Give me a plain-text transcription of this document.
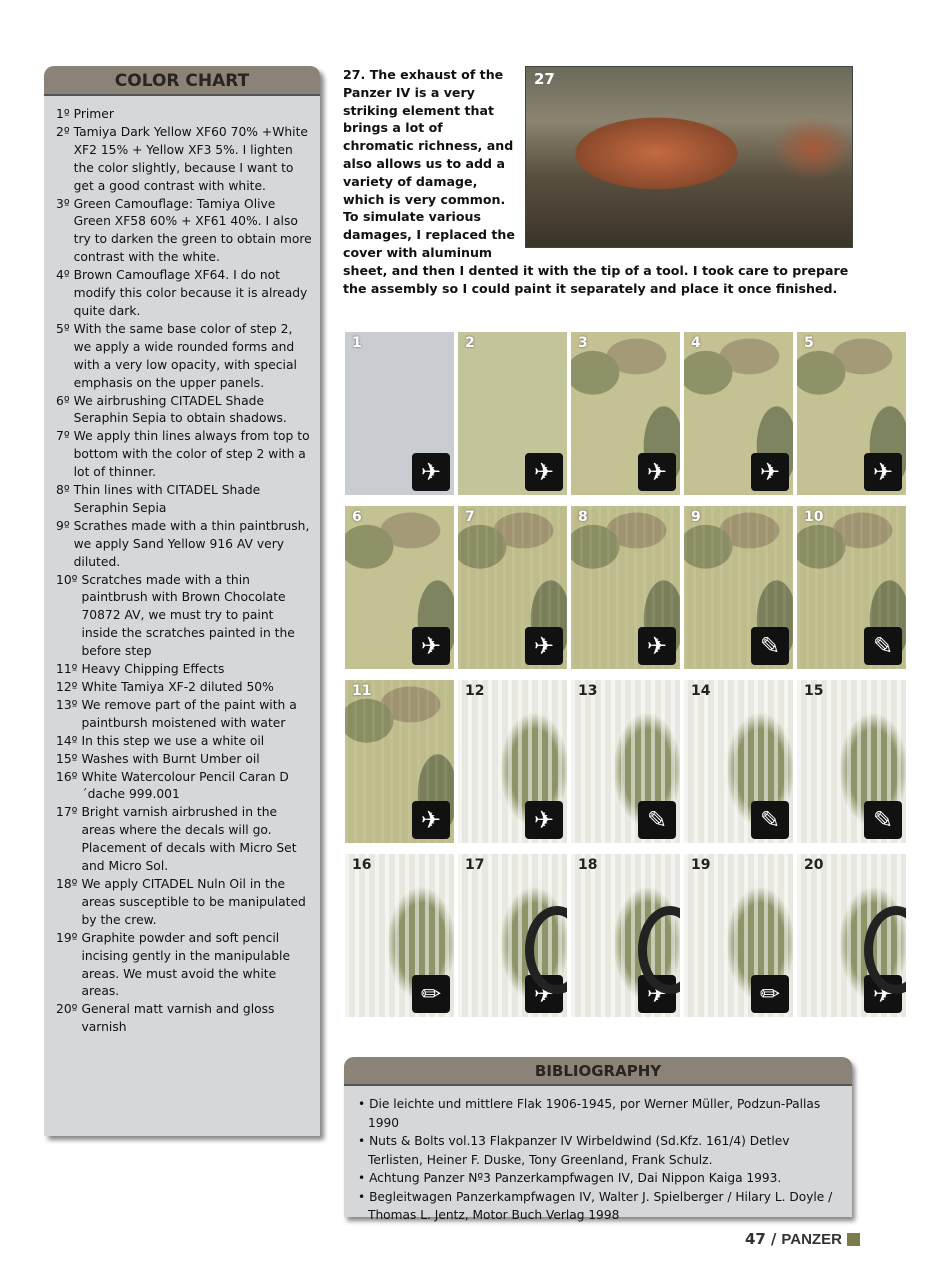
COLOR CHART
1º Primer
2º Tamiya Dark Yellow XF60 70% +White XF2 15% + Yellow XF3 5%. I lighten the color slightly, because I want to get a good contrast with white.
3º Green Camouflage: Tamiya Olive Green XF58 60% + XF61 40%. I also try to darken the green to obtain more contrast with the white.
4º Brown Camouflage XF64. I do not modify this color because it is already quite dark.
5º With the same base color of step 2, we apply a wide rounded forms and with a very low opacity, with special emphasis on the upper panels.
6º We airbrushing CITADEL Shade Seraphin Sepia to obtain shadows.
7º We apply thin lines always from top to bottom with the color of step 2 with a lot of thinner.
8º Thin lines with CITADEL Shade Seraphin Sepia
9º Scrathes made with a thin paintbrush, we apply Sand Yellow 916 AV very diluted.
10º Scratches made with a thin paintbrush with Brown Chocolate 70872 AV, we must try to paint inside the scratches painted in the before step
11º Heavy Chipping Effects
12º White Tamiya XF-2 diluted 50%
13º We remove part of the paint with a paintbursh moistened with water
14º In this step we use a white oil
15º Washes with Burnt Umber oil
16º White Watercolour Pencil Caran D´dache 999.001
17º Bright varnish airbrushed in the areas where the decals will go. Placement of decals with Micro Set and Micro Sol.
18º We apply CITADEL Nuln Oil in the areas susceptible to be manipulated by the crew.
19º Graphite powder and soft pencil incising gently in the manipulable areas. We must avoid the white areas.
20º General matt varnish and gloss varnish
27

27. The exhaust of the Panzer IV is a very striking element that brings a lot of chromatic richness, and also allows us to add a variety of damage, which is very common. To simulate various damages, I replaced the cover with aluminum sheet, and then I dented it with the tip of a tool. I took care to prepare the assembly so I could paint it separately and place it once finished.

1
✈
2
✈
3
✈
4
✈
5
✈
6
✈
7
✈
8
✈
9
✎
10
✎
11
✈
12
✈
13
✎
14
✎
15
✎
16
✏
17
✈
18
✈
19
✏
20
✈
BIBLIOGRAPHY
• Die leichte und mittlere Flak 1906-1945, por Werner Müller, Podzun-Pallas 1990
• Nuts & Bolts vol.13 Flakpanzer IV Wirbeldwind (Sd.Kfz. 161/4) Detlev Terlisten, Heiner F. Duske, Tony Greenland, Frank Schulz.
• Achtung Panzer Nº3 Panzerkampfwagen IV, Dai Nippon Kaiga 1993.
• Begleitwagen Panzerkampfwagen IV, Walter J. Spielberger / Hilary L. Doyle / Thomas L. Jentz, Motor Buch Verlag 1998
47 / PANZER
